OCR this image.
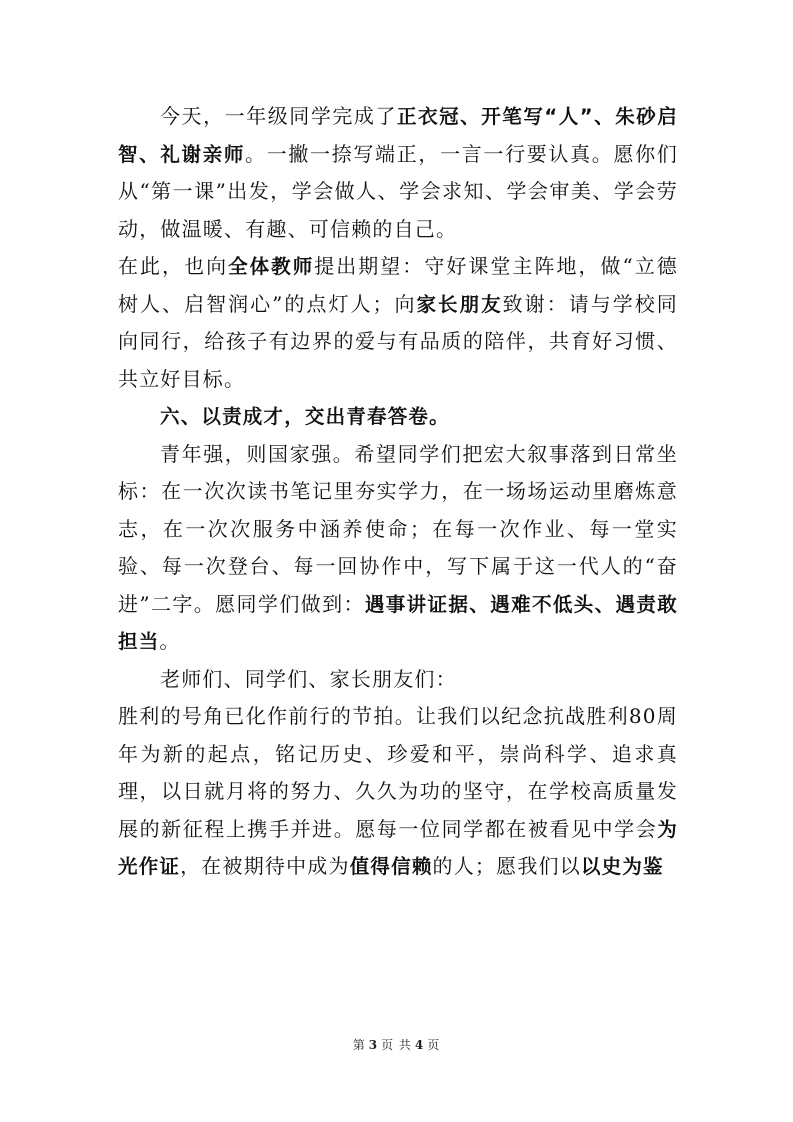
今天，一年级同学完成了正衣冠、开笔写“人”、朱砂启智、礼谢亲师。一撇一捺写端正，一言一行要认真。愿你们从“第一课”出发，学会做人、学会求知、学会审美、学会劳动，做温暖、有趣、可信赖的自己。

在此，也向全体教师提出期望：守好课堂主阵地，做“立德树人、启智润心”的点灯人；向家长朋友致谢：请与学校同向同行，给孩子有边界的爱与有品质的陪伴，共育好习惯、共立好目标。

六、以责成才，交出青春答卷。

青年强，则国家强。希望同学们把宏大叙事落到日常坐标：在一次次读书笔记里夯实学力，在一场场运动里磨炼意志，在一次次服务中涵养使命；在每一次作业、每一堂实验、每一次登台、每一回协作中，写下属于这一代人的“奋进”二字。愿同学们做到：遇事讲证据、遇难不低头、遇责敢担当。

老师们、同学们、家长朋友们：

胜利的号角已化作前行的节拍。让我们以纪念抗战胜利80周年为新的起点，铭记历史、珍爱和平，崇尚科学、追求真理，以日就月将的努力、久久为功的坚守，在学校高质量发展的新征程上携手并进。愿每一位同学都在被看见中学会为光作证，在被期待中成为值得信赖的人；愿我们以以史为鉴

第 3 页 共 4 页
